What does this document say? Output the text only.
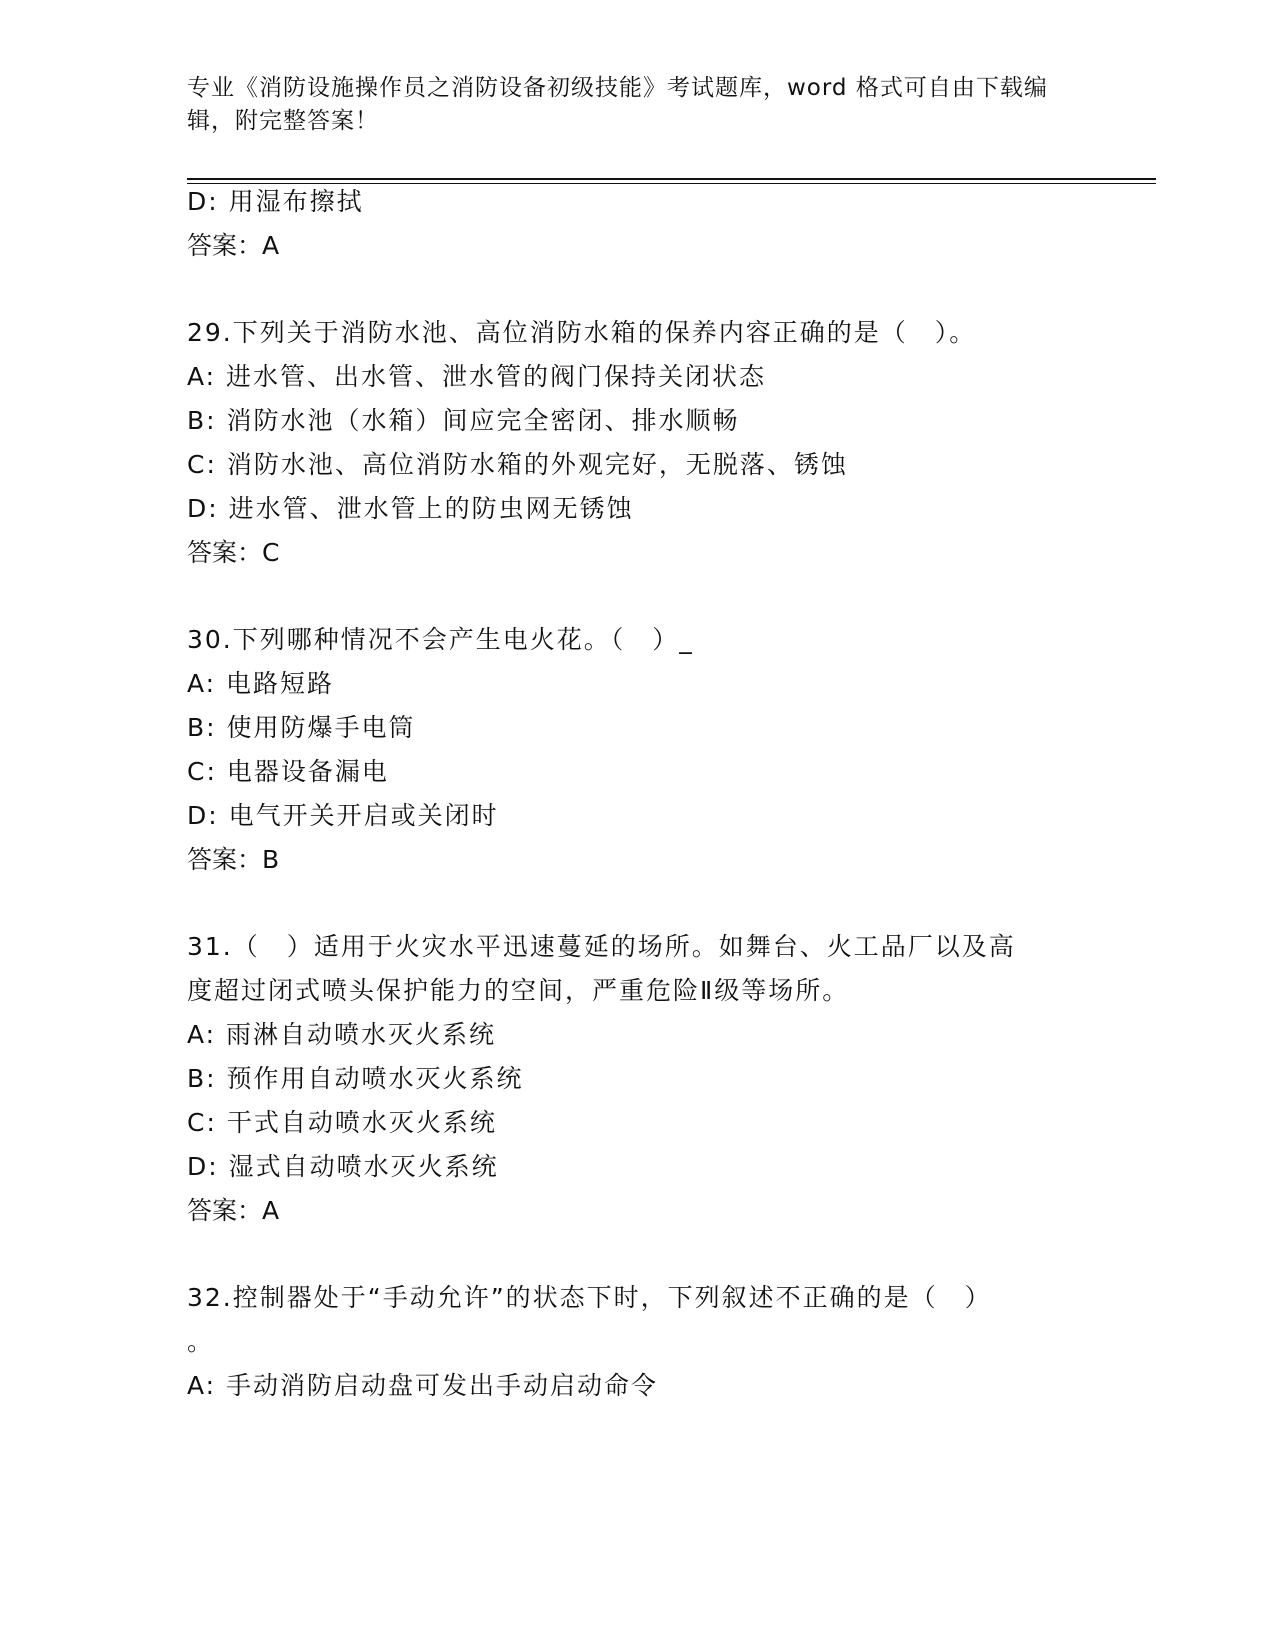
专业《消防设施操作员之消防设备初级技能》考试题库，word 格式可自由下载编辑，附完整答案！
D: 用湿布擦拭
答案：A
29.下列关于消防水池、高位消防水箱的保养内容正确的是（　）。
A: 进水管、出水管、泄水管的阀门保持关闭状态
B: 消防水池（水箱）间应完全密闭、排水顺畅
C: 消防水池、高位消防水箱的外观完好，无脱落、锈蚀
D: 进水管、泄水管上的防虫网无锈蚀
答案：C
30.下列哪种情况不会产生电火花。（　）_
A: 电路短路
B: 使用防爆手电筒
C: 电器设备漏电
D: 电气开关开启或关闭时
答案：B
31.（　）适用于火灾水平迅速蔓延的场所。如舞台、火工品厂以及高
度超过闭式喷头保护能力的空间，严重危险Ⅱ级等场所。
A: 雨淋自动喷水灭火系统
B: 预作用自动喷水灭火系统
C: 干式自动喷水灭火系统
D: 湿式自动喷水灭火系统
答案：A
32.控制器处于“手动允许”的状态下时，下列叙述不正确的是（　）
。
A: 手动消防启动盘可发出手动启动命令
